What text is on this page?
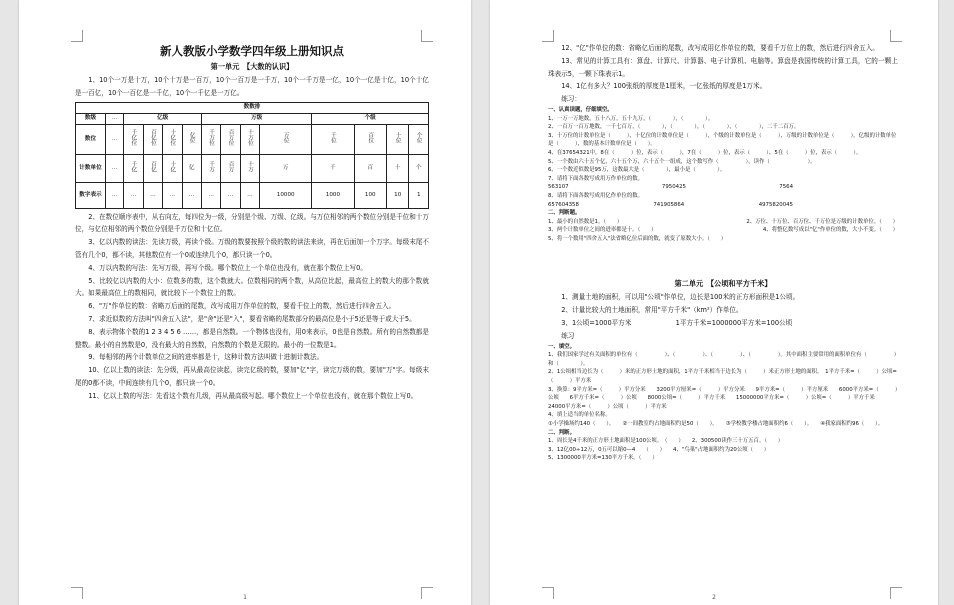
新人教版小学数学四年级上册知识点
第一单元　【大数的认识】

1、10个一万是十万，10个十万是一百万，10个一百万是一千万，10个一千万是一亿，10个一亿是十亿，10个十亿是一百亿，10个一百亿是一千亿，10个一千亿是一万亿。

数数排													
数级	…	亿级				万级				个级			
数位	…	千亿位	百亿位	十亿位	亿位	千万位	百万位	十万位	万位	千位	百位	十位	个位
计数单位	…	千亿	百亿	十亿	亿	千万	百万	十万	万	千	百	十	个
数字表示	…	…	…	…	…	…	…	…	10000	1000	100	10	1

2、在数位顺序表中，从右向左，每四位为一级，分别是个级、万级、亿级。与万位相邻的两个数位分别是千位和十万位，与亿位相邻的两个数位分别是千万位和十亿位。

3、亿以内数的读法：先读万级，再读个级。万级的数要按照个级的数的读法来读，再在后面加一个万字。每级末尾不管有几个0，都不读，其他数位有一个0或连续几个0，都只读一个0。

4、万以内数的写法：先写万级，再写个级。哪个数位上一个单位也没有，就在那个数位上写0。

5、比较亿以内数的大小：位数多的数，这个数就大。位数相同的两个数，从高位比起，最高位上的数大的那个数就大。如果最高位上的数相同，就比较下一个数位上的数。

6、"万"作单位的数：省略万后面的尾数，改写成用万作单位的数，要看千位上的数，然后进行四舍五入。

7、求近似数的方法叫"四舍五入法"，是"舍"还是"入"，要看省略的尾数部分的最高位是小于5还是等于或大于5。

8、表示物体个数的1 2 3 4 5 6 ……，都是自然数。一个物体也没有，用0来表示，0也是自然数。所有的自然数都是整数。最小的自然数是0，没有最大的自然数，自然数的个数是无限的。最小的一位数是1。

9、每相邻的两个计数单位之间的进率都是十，这种计数方法叫做十进制计数法。

10、亿以上数的读法：先分级，再从最高位读起，读完亿级的数，要加"亿"字，读完万级的数，要加"万"字。每级末尾的0都不读，中间连续有几个0，都只读一个0。

11、亿以上数的写法：先看这个数有几级，再从最高级写起。哪个数位上一个单位也没有，就在那个数位上写0。

1

12、"亿"作单位的数：省略亿后面的尾数，改写成用亿作单位的数，要看千万位上的数，然后进行四舍五入。

13、常见的计算工具有：算盘、计算尺、计算器、电子计算机、电脑等。算盘是我国传统的计算工具，它的一颗上珠表示5，一颗下珠表示1。

14、1亿有多大？100张纸的厚度是1厘米，一亿张纸的厚度是1万米。

练习：

一、认真读题，仔细填空。
1、一万一万地数，五十八万，五十九万，（　　　　），（　　　　）。
2、一百万一百万地数，一千七百万，（　　　　），（　　　　），（　　　　），（　　　　），二千二百万。
3、十万位的计数单位是（　　　），十亿位的计数单位是（　　　），个级的计数单位是（　　　），万级的计数单位是（　　　）。亿级的计数单位是（　　　），数的基本计数单位是（　　）。
4、在37654321中，8在（　　　）位，表示（　　　），7在（　　　）位，表示（　　　），5在（　　　）位，表示（　　　）。
5、一个数由六十五个亿，六十五个万，六十五个一组成，这个数写作（　　　　　），读作（　　　　　　　）。
6、一个数近似数是95万，这数最大是（　　　　），最小是（　　　　）。
7、请将下面各数写成用万作单位的数。
563107	7950425	7564
8、请将下面各数写成用亿作单位的数。
657604358	741905864	4975820045
二、判断题。
1、最小的自然数是1。（　　）	2、万位、十万位、百万位、千万位是万级的计数单位。（　　）
3、两个计数单位之间的进率都是十。（　　）	4、将整亿数写成以"亿"作单位的数，大小不变。（　　）
5、将一个数用"四舍五入"法省略亿位后面的数，就变了原数大小。（　　）
第二单元　【公顷和平方千米】

1、测量土地的面积，可以用"公顷"作单位，边长是100米的正方形面积是1公顷。

2、计量比较大的土地面积，常用"平方千米"（km²）作单位。

3、1公顷=1000平方米	1平方千米=1000000平方米=100公顷

练习

一、填空。
1、我们国家学过有关面积的单位有（　　　　　）、（　　　　　）、（　　　　　）、（　　　　　）。其中面积主要常用的面积单位有（　　　　　）和（　　　　）。
2、1公顷相当边长为（　　　）米的正方形土地的面积，1平方千米相当于边长为（　　　）米正方形土地的面积。　1平方千米=（　　　）公顷=（　　　）平方米
3、换算：9平方米=（　　　）平方分米　　3200平方厘米=（　　　）平方分米　　9平方米=（　　　）平方厘米　　6000平方米=（　　　）公顷　　6平方千米=（　　　）公顷　　8000公顷=（　　　）平方千米　　15000000平方米=（　　　）公顷=（　　　）平方千米　　24000平方米=（　　　）公顷（　　　）平方米
4、填上适当的单位名称。
①小学操场约140（　　）。　　②一间教室约占地面积约是50（　　）。　　③学校教学楼占地面积约6（　　）。　　④我家面积约96（　　）。
二、判断。
1、周长是4千米的正方形土地面积是100公顷。　（　　）　　2、300500读作三十万五百。（　　）
3、12亿00÷12万，0五可以缩0—4　　（　　）　　4、"鸟巢"占地面积约为20公顷（　　）
5、1300000平方米=130平方千米。（　　）
2
